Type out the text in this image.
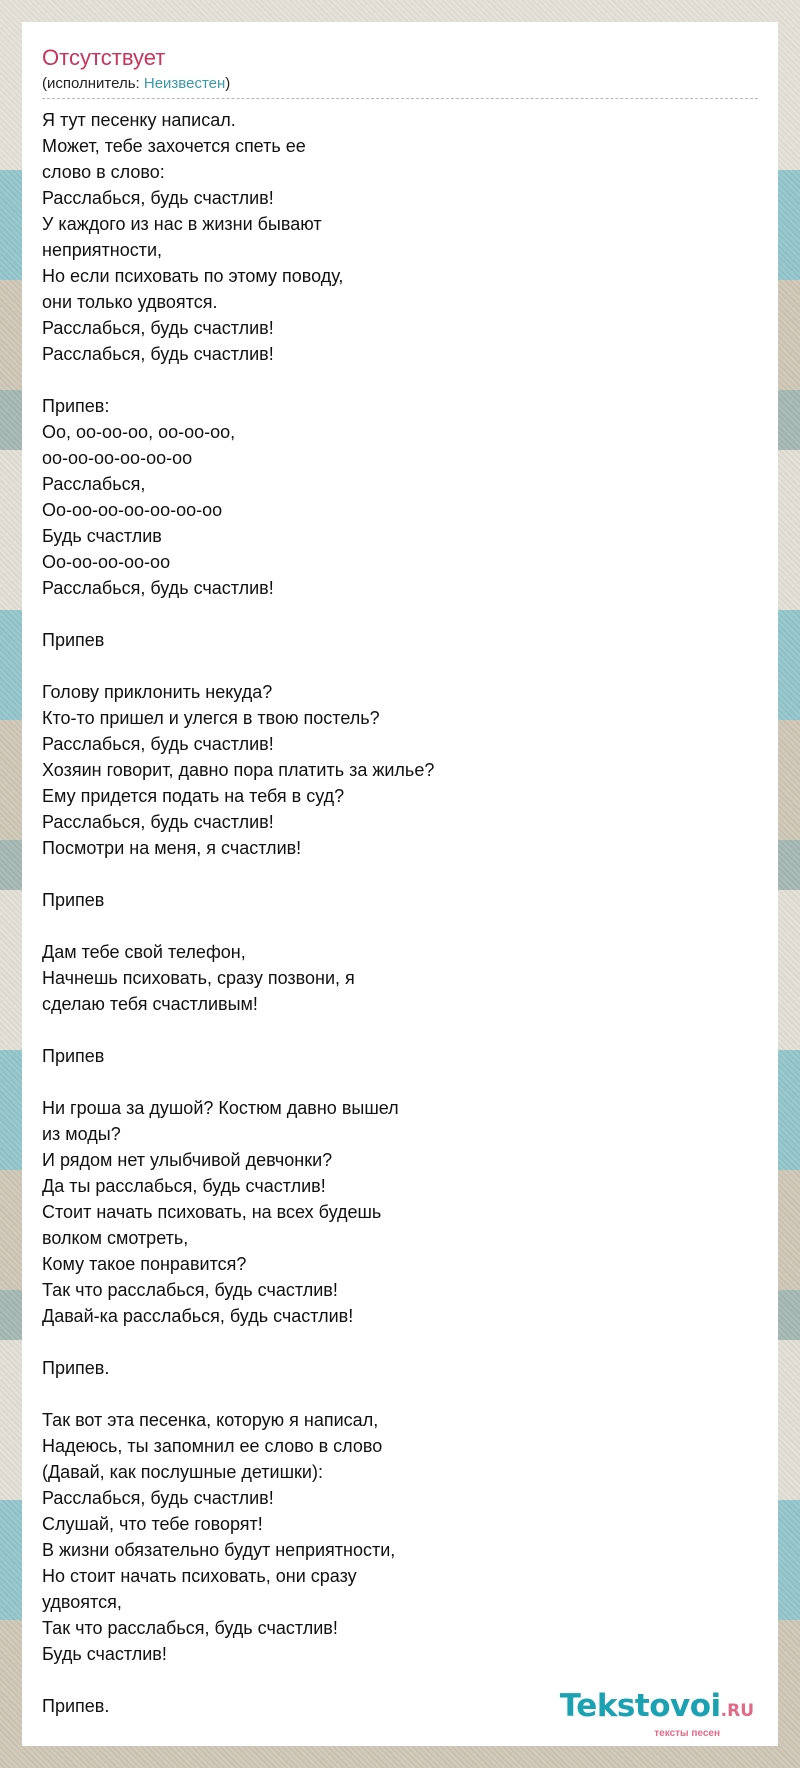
Отсутствует
(исполнитель: Неизвестен)
Я тут песенку написал.
Может, тебе захочется спеть ее
слово в слово:
Расслабься, будь счастлив!
У каждого из нас в жизни бывают
неприятности,
Но если психовать по этому поводу,
они только удвоятся.
Расслабься, будь счастлив!
Расслабься, будь счастлив!

Припев:
Оо, оо-оо-оо, оо-оо-оо,
оо-оо-оо-оо-оо-оо
Расслабься,
Оо-оо-оо-оо-оо-оо-оо
Будь счастлив
Оо-оо-оо-оо-оо
Расслабься, будь счастлив!

Припев

Голову приклонить некуда?
Кто-то пришел и улегся в твою постель?
Расслабься, будь счастлив!
Хозяин говорит, давно пора платить за жилье?
Ему придется подать на тебя в суд?
Расслабься, будь счастлив!
Посмотри на меня, я счастлив!

Припев

Дам тебе свой телефон,
Начнешь психовать, сразу позвони, я
сделаю тебя счастливым!

Припев

Ни гроша за душой? Костюм давно вышел
из моды?
И рядом нет улыбчивой девчонки?
Да ты расслабься, будь счастлив!
Стоит начать психовать, на всех будешь
волком смотреть,
Кому такое понравится?
Так что расслабься, будь счастлив!
Давай-ка расслабься, будь счастлив!

Припев.

Так вот эта песенка, которую я написал,
Надеюсь, ты запомнил ее слово в слово
(Давай, как послушные детишки):
Расслабься, будь счастлив!
Слушай, что тебе говорят!
В жизни обязательно будут неприятности,
Но стоит начать психовать, они сразу
удвоятся,
Так что расслабься, будь счастлив!
Будь счастлив!

Припев.	Tekstovoi.RU
тексты песен
